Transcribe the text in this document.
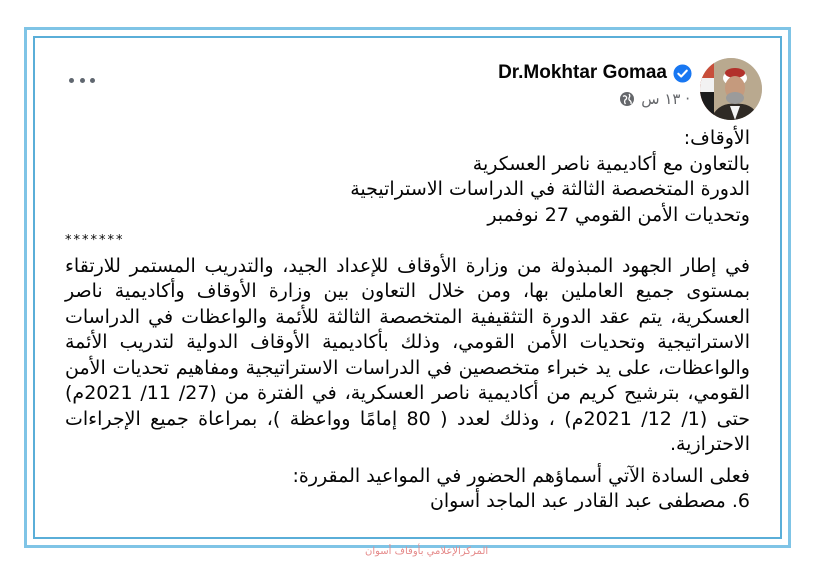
Dr.Mokhtar Gomaa
١٣ س ·

الأوقاف:

بالتعاون مع أكاديمية ناصر العسكرية

الدورة المتخصصة الثالثة في الدراسات الاستراتيجية

وتحديات الأمن القومي 27 نوفمبر

*******

في إطار الجهود المبذولة من وزارة الأوقاف للإعداد الجيد، والتدريب المستمر للارتقاء بمستوى جميع العاملين بها، ومن خلال التعاون بين وزارة الأوقاف وأكاديمية ناصر العسكرية، يتم عقد الدورة التثقيفية المتخصصة الثالثة للأئمة والواعظات في الدراسات الاستراتيجية وتحديات الأمن القومي، وذلك بأكاديمية الأوقاف الدولية لتدريب الأئمة والواعظات، على يد خبراء متخصصين في الدراسات الاستراتيجية ومفاهيم تحديات الأمن القومي، بترشيح كريم من أكاديمية ناصر العسكرية، في الفترة من (27/ 11/ 2021م) حتى (1/ 12/ 2021م) ، وذلك لعدد ( 80 إمامًا وواعظة )، بمراعاة جميع الإجراءات الاحترازية.

فعلى السادة الآتي أسماؤهم الحضور في المواعيد المقررة:

6. مصطفى عبد القادر عبد الماجد أسوان

المركزالإعلامي بأوقاف أسوان
